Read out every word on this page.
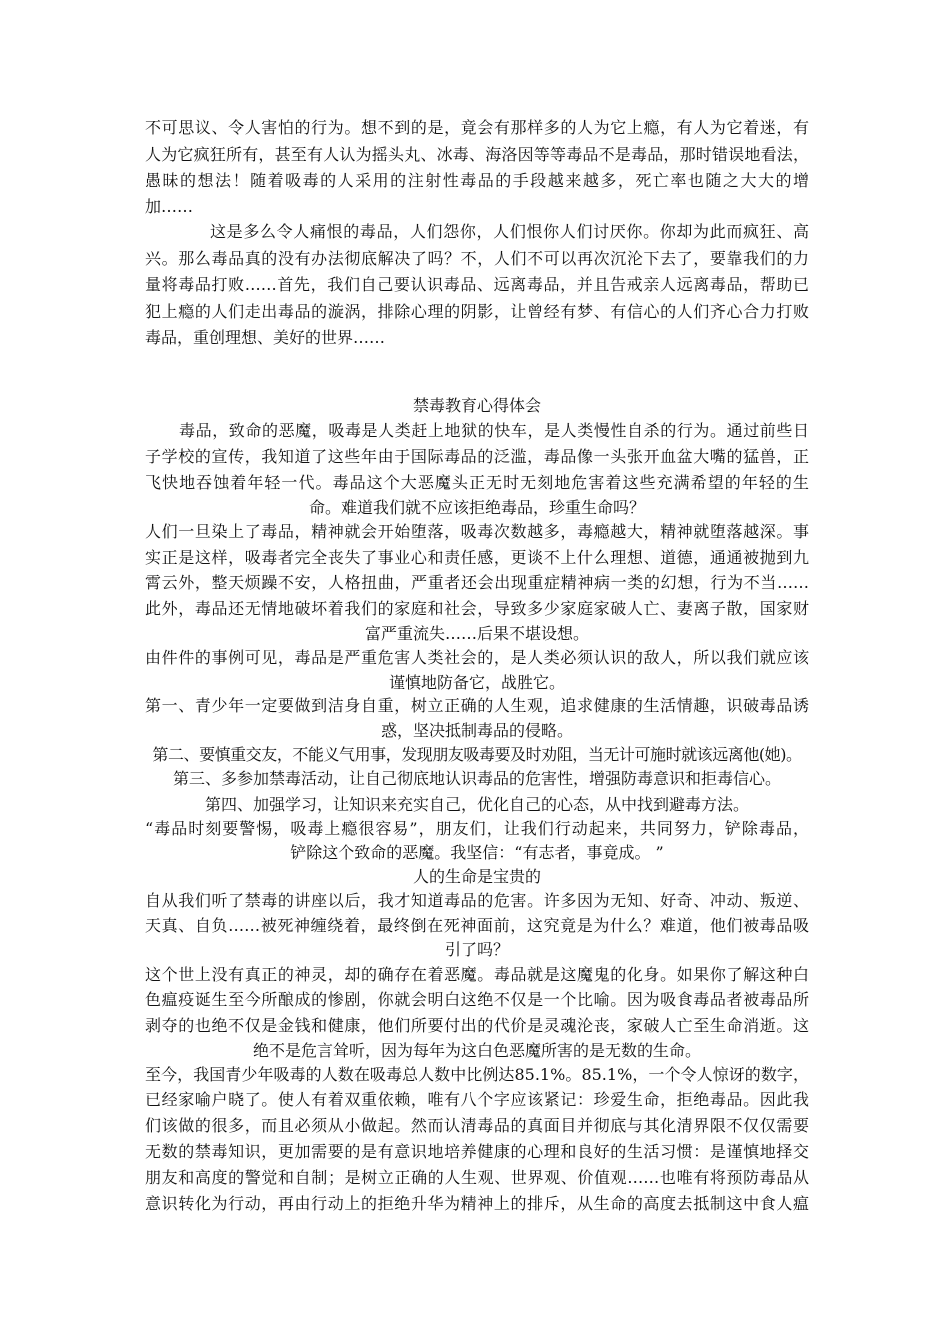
不可思议、令人害怕的行为。想不到的是，竟会有那样多的人为它上瘾，有人为它着迷，有

人为它疯狂所有，甚至有人认为摇头丸、冰毒、海洛因等等毒品不是毒品，那时错误地看法，

愚昧的想法！随着吸毒的人采用的注射性毒品的手段越来越多，死亡率也随之大大的增

加……

这是多么令人痛恨的毒品，人们怨你，人们恨你人们讨厌你。你却为此而疯狂、高

兴。那么毒品真的没有办法彻底解决了吗？不，人们不可以再次沉沦下去了，要靠我们的力

量将毒品打败……首先，我们自己要认识毒品、远离毒品，并且告戒亲人远离毒品，帮助已

犯上瘾的人们走出毒品的漩涡，排除心理的阴影，让曾经有梦、有信心的人们齐心合力打败

毒品，重创理想、美好的世界……

禁毒教育心得体会

毒品，致命的恶魔，吸毒是人类赶上地狱的快车，是人类慢性自杀的行为。通过前些日

子学校的宣传，我知道了这些年由于国际毒品的泛滥，毒品像一头张开血盆大嘴的猛兽，正

飞快地吞蚀着年轻一代。毒品这个大恶魔头正无时无刻地危害着这些充满希望的年轻的生

命。难道我们就不应该拒绝毒品，珍重生命吗？

人们一旦染上了毒品，精神就会开始堕落，吸毒次数越多，毒瘾越大，精神就堕落越深。事

实正是这样，吸毒者完全丧失了事业心和责任感，更谈不上什么理想、道德，通通被抛到九

霄云外，整天烦躁不安，人格扭曲，严重者还会出现重症精神病一类的幻想，行为不当……

此外，毒品还无情地破坏着我们的家庭和社会，导致多少家庭家破人亡、妻离子散，国家财

富严重流失……后果不堪设想。

由件件的事例可见，毒品是严重危害人类社会的，是人类必须认识的敌人，所以我们就应该

谨慎地防备它，战胜它。

第一、青少年一定要做到洁身自重，树立正确的人生观，追求健康的生活情趣，识破毒品诱

惑，坚决抵制毒品的侵略。

第二、要慎重交友，不能义气用事，发现朋友吸毒要及时劝阻，当无计可施时就该远离他(她)。

第三、多参加禁毒活动，让自己彻底地认识毒品的危害性，增强防毒意识和拒毒信心。

第四、加强学习，让知识来充实自己，优化自己的心态，从中找到避毒方法。

“毒品时刻要警惕，吸毒上瘾很容易”，朋友们，让我们行动起来，共同努力，铲除毒品，

铲除这个致命的恶魔。我坚信：“有志者，事竟成。 ”

人的生命是宝贵的

自从我们听了禁毒的讲座以后，我才知道毒品的危害。许多因为无知、好奇、冲动、叛逆、

天真、自负……被死神缠绕着，最终倒在死神面前，这究竟是为什么？难道，他们被毒品吸

引了吗？

这个世上没有真正的神灵，却的确存在着恶魔。毒品就是这魔鬼的化身。如果你了解这种白

色瘟疫诞生至今所酿成的惨剧，你就会明白这绝不仅是一个比喻。因为吸食毒品者被毒品所

剥夺的也绝不仅是金钱和健康，他们所要付出的代价是灵魂沦丧，家破人亡至生命消逝。这

绝不是危言耸听，因为每年为这白色恶魔所害的是无数的生命。

至今，我国青少年吸毒的人数在吸毒总人数中比例达85.1%。85.1%，一个令人惊讶的数字，

已经家喻户晓了。使人有着双重依赖，唯有八个字应该紧记：珍爱生命，拒绝毒品。因此我

们该做的很多，而且必须从小做起。然而认清毒品的真面目并彻底与其化清界限不仅仅需要

无数的禁毒知识，更加需要的是有意识地培养健康的心理和良好的生活习惯：是谨慎地择交

朋友和高度的警觉和自制；是树立正确的人生观、世界观、价值观……也唯有将预防毒品从

意识转化为行动，再由行动上的拒绝升华为精神上的排斥，从生命的高度去抵制这中食人瘟
